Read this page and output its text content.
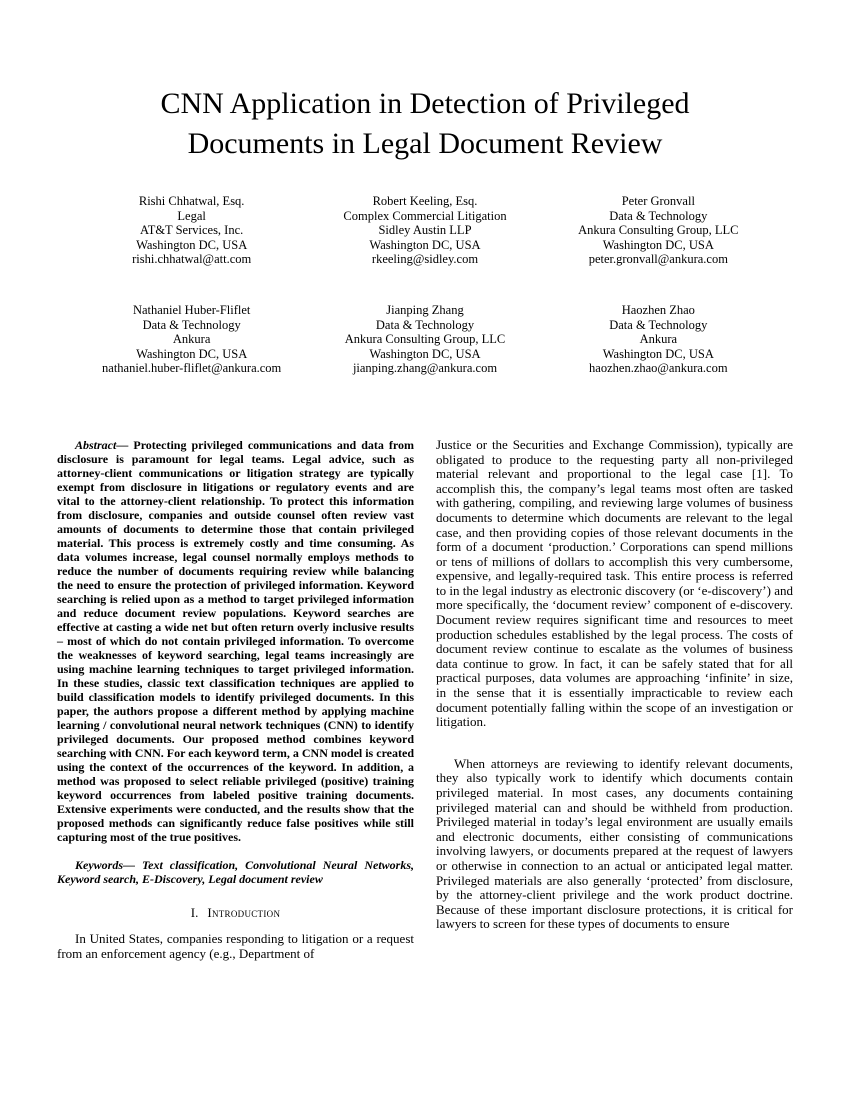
CNN Application in Detection of Privileged Documents in Legal Document Review
Rishi Chhatwal, Esq.
Legal
AT&T Services, Inc.
Washington DC, USA
rishi.chhatwal@att.com
Robert Keeling, Esq.
Complex Commercial Litigation
Sidley Austin LLP
Washington DC, USA
rkeeling@sidley.com
Peter Gronvall
Data & Technology
Ankura Consulting Group, LLC
Washington DC, USA
peter.gronvall@ankura.com
Nathaniel Huber-Fliflet
Data & Technology
Ankura
Washington DC, USA
nathaniel.huber-fliflet@ankura.com
Jianping Zhang
Data & Technology
Ankura Consulting Group, LLC
Washington DC, USA
jianping.zhang@ankura.com
Haozhen Zhao
Data & Technology
Ankura
Washington DC, USA
haozhen.zhao@ankura.com

Abstract— Protecting privileged communications and data from disclosure is paramount for legal teams. Legal advice, such as attorney-client communications or litigation strategy are typically exempt from disclosure in litigations or regulatory events and are vital to the attorney-client relationship. To protect this information from disclosure, companies and outside counsel often review vast amounts of documents to determine those that contain privileged material. This process is extremely costly and time consuming. As data volumes increase, legal counsel normally employs methods to reduce the number of documents requiring review while balancing the need to ensure the protection of privileged information. Keyword searching is relied upon as a method to target privileged information and reduce document review populations. Keyword searches are effective at casting a wide net but often return overly inclusive results – most of which do not contain privileged information. To overcome the weaknesses of keyword searching, legal teams increasingly are using machine learning techniques to target privileged information. In these studies, classic text classification techniques are applied to build classification models to identify privileged documents. In this paper, the authors propose a different method by applying machine learning / convolutional neural network techniques (CNN) to identify privileged documents. Our proposed method combines keyword searching with CNN. For each keyword term, a CNN model is created using the context of the occurrences of the keyword. In addition, a method was proposed to select reliable privileged (positive) training keyword occurrences from labeled positive training documents. Extensive experiments were conducted, and the results show that the proposed methods can significantly reduce false positives while still capturing most of the true positives.

Keywords— Text classification, Convolutional Neural Networks, Keyword search, E-Discovery, Legal document review

I. Introduction

In United States, companies responding to litigation or a request from an enforcement agency (e.g., Department of

Justice or the Securities and Exchange Commission), typically are obligated to produce to the requesting party all non-privileged material relevant and proportional to the legal case [1]. To accomplish this, the company’s legal teams most often are tasked with gathering, compiling, and reviewing large volumes of business documents to determine which documents are relevant to the legal case, and then providing copies of those relevant documents in the form of a document ‘production.’ Corporations can spend millions or tens of millions of dollars to accomplish this very cumbersome, expensive, and legally-required task. This entire process is referred to in the legal industry as electronic discovery (or ‘e-discovery’) and more specifically, the ‘document review’ component of e-discovery. Document review requires significant time and resources to meet production schedules established by the legal process. The costs of document review continue to escalate as the volumes of business data continue to grow. In fact, it can be safely stated that for all practical purposes, data volumes are approaching ‘infinite’ in size, in the sense that it is essentially impracticable to review each document potentially falling within the scope of an investigation or litigation.

When attorneys are reviewing to identify relevant documents, they also typically work to identify which documents contain privileged material. In most cases, any documents containing privileged material can and should be withheld from production. Privileged material in today’s legal environment are usually emails and electronic documents, either consisting of communications involving lawyers, or documents prepared at the request of lawyers or otherwise in connection to an actual or anticipated legal matter. Privileged materials are also generally ‘protected’ from disclosure, by the attorney-client privilege and the work product doctrine. Because of these important disclosure protections, it is critical for lawyers to screen for these types of documents to ensure
